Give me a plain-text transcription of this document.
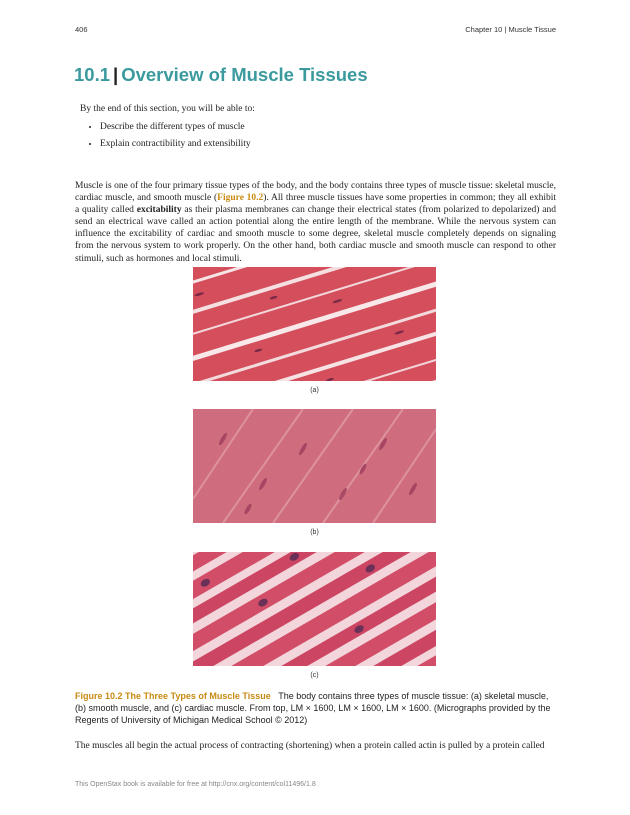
406	Chapter 10 | Muscle Tissue
10.1 | Overview of Muscle Tissues

By the end of this section, you will be able to:

• Describe the different types of muscle
• Explain contractibility and extensibility

Muscle is one of the four primary tissue types of the body, and the body contains three types of muscle tissue: skeletal muscle, cardiac muscle, and smooth muscle (Figure 10.2). All three muscle tissues have some properties in common; they all exhibit a quality called excitability as their plasma membranes can change their electrical states (from polarized to depolarized) and send an electrical wave called an action potential along the entire length of the membrane. While the nervous system can influence the excitability of cardiac and smooth muscle to some degree, skeletal muscle completely depends on signaling from the nervous system to work properly. On the other hand, both cardiac muscle and smooth muscle can respond to other stimuli, such as hormones and local stimuli.

(a)
(b)
(c)

Figure 10.2 The Three Types of Muscle Tissue The body contains three types of muscle tissue: (a) skeletal muscle, (b) smooth muscle, and (c) cardiac muscle. From top, LM × 1600, LM × 1600, LM × 1600. (Micrographs provided by the Regents of University of Michigan Medical School © 2012)

The muscles all begin the actual process of contracting (shortening) when a protein called actin is pulled by a protein called

This OpenStax book is available for free at http://cnx.org/content/col11496/1.8
